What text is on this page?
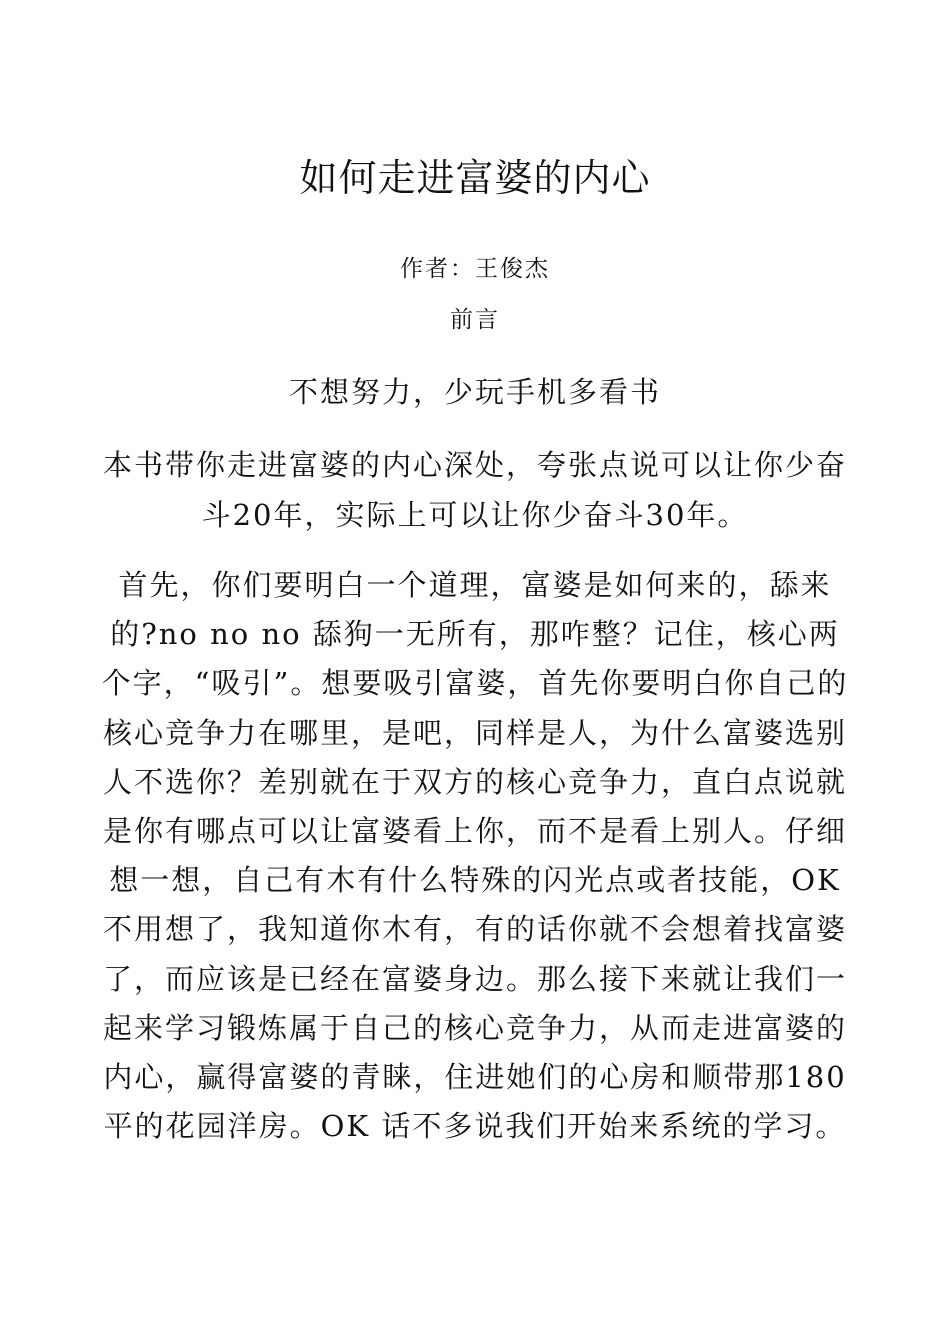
如何走进富婆的内心
作者：王俊杰
前言
不想努力，少玩手机多看书

本书带你走进富婆的内心深处，夸张点说可以让你少奋斗20年，实际上可以让你少奋斗30年。

首先，你们要明白一个道理，富婆是如何来的，舔来的?no no no 舔狗一无所有，那咋整？记住，核心两个字，“吸引”。想要吸引富婆，首先你要明白你自己的核心竞争力在哪里，是吧，同样是人，为什么富婆选别人不选你？差别就在于双方的核心竞争力，直白点说就是你有哪点可以让富婆看上你，而不是看上别人。仔细想一想，自己有木有什么特殊的闪光点或者技能，OK 不用想了，我知道你木有，有的话你就不会想着找富婆了，而应该是已经在富婆身边。那么接下来就让我们一起来学习锻炼属于自己的核心竞争力，从而走进富婆的内心，赢得富婆的青睐，住进她们的心房和顺带那180平的花园洋房。OK 话不多说我们开始来系统的学习。
